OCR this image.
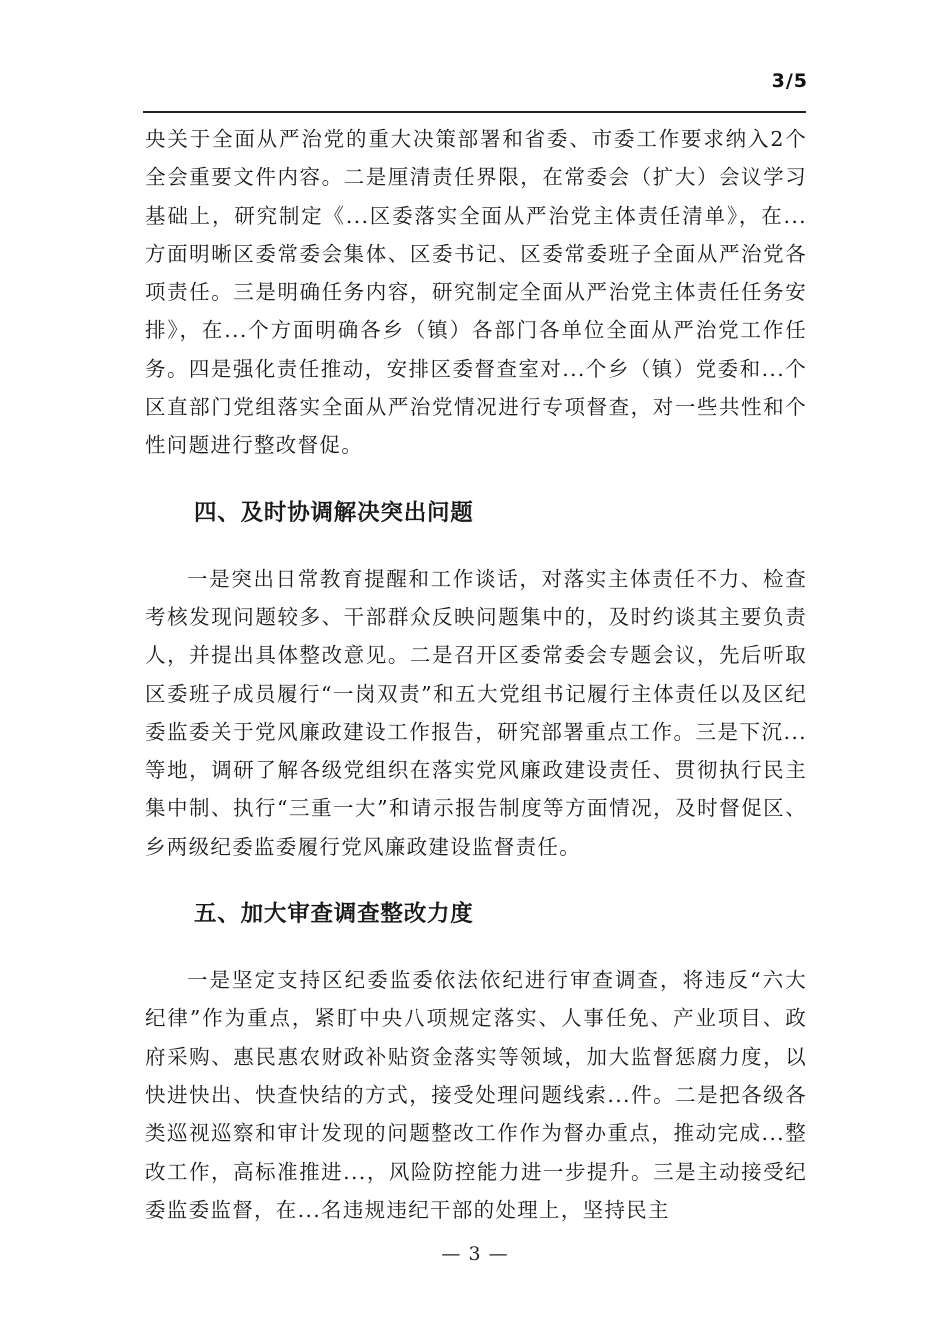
3/5

央关于全面从严治党的重大决策部署和省委、市委工作要求纳入2个全会重要文件内容。二是厘清责任界限，在常委会（扩大）会议学习基础上，研究制定《...区委落实全面从严治党主体责任清单》，在...方面明晰区委常委会集体、区委书记、区委常委班子全面从严治党各项责任。三是明确任务内容，研究制定全面从严治党主体责任任务安排》，在...个方面明确各乡（镇）各部门各单位全面从严治党工作任务。四是强化责任推动，安排区委督查室对...个乡（镇）党委和...个区直部门党组落实全面从严治党情况进行专项督查，对一些共性和个性问题进行整改督促。

四、及时协调解决突出问题

一是突出日常教育提醒和工作谈话，对落实主体责任不力、检查考核发现问题较多、干部群众反映问题集中的，及时约谈其主要负责人，并提出具体整改意见。二是召开区委常委会专题会议，先后听取区委班子成员履行“一岗双责”和五大党组书记履行主体责任以及区纪委监委关于党风廉政建设工作报告，研究部署重点工作。三是下沉...等地，调研了解各级党组织在落实党风廉政建设责任、贯彻执行民主集中制、执行“三重一大”和请示报告制度等方面情况，及时督促区、乡两级纪委监委履行党风廉政建设监督责任。

五、加大审查调查整改力度

一是坚定支持区纪委监委依法依纪进行审查调查，将违反“六大纪律”作为重点，紧盯中央八项规定落实、人事任免、产业项目、政府采购、惠民惠农财政补贴资金落实等领域，加大监督惩腐力度，以快进快出、快查快结的方式，接受处理问题线索...件。二是把各级各类巡视巡察和审计发现的问题整改工作作为督办重点，推动完成...整改工作，高标准推进...，风险防控能力进一步提升。三是主动接受纪委监委监督，在...名违规违纪干部的处理上，坚持民主

— 3 —
